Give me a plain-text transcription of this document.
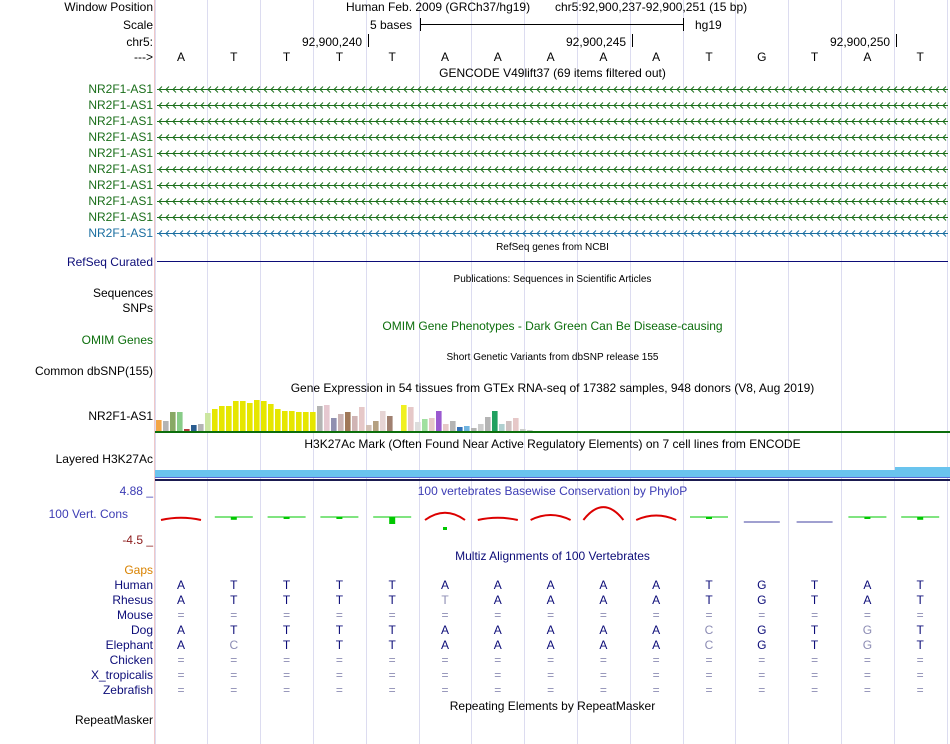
Window Position	Human Feb. 2009 (GRCh37/hg19) chr5:92,900,237-92,900,251 (15 bp)
Scale	5 bases	hg19
chr5:	92,900,240	92,900,245	92,900,250
--->	A	T	T	T	T	A	A	A	A	A	T	G	T	A	T
GENCODE V49lift37 (69 items filtered out)
NR2F1-AS1
NR2F1-AS1
NR2F1-AS1
NR2F1-AS1
NR2F1-AS1
NR2F1-AS1
NR2F1-AS1
NR2F1-AS1
NR2F1-AS1
NR2F1-AS1
RefSeq genes from NCBI
RefSeq Curated
Publications: Sequences in Scientific Articles
Sequences
SNPs
OMIM Gene Phenotypes - Dark Green Can Be Disease-causing
OMIM Genes
Short Genetic Variants from dbSNP release 155
Common dbSNP(155)
Gene Expression in 54 tissues from GTEx RNA-seq of 17382 samples, 948 donors (V8, Aug 2019)
NR2F1-AS1
H3K27Ac Mark (Often Found Near Active Regulatory Elements) on 7 cell lines from ENCODE
Layered H3K27Ac
100 vertebrates Basewise Conservation by PhyloP
4.88 _
100 Vert. Cons
-4.5 _
Multiz Alignments of 100 Vertebrates
Gaps
Human	A	T	T	T	T	A	A	A	A	A	T	G	T	A	T
Rhesus	A	T	T	T	T	T	A	A	A	A	T	G	T	A	T
Mouse	=	=	=	=	=	=	=	=	=	=	=	=	=	=	=
Dog	A	T	T	T	T	A	A	A	A	A	C	G	T	G	T
Elephant	A	C	T	T	T	A	A	A	A	A	C	G	T	G	T
Chicken	=	=	=	=	=	=	=	=	=	=	=	=	=	=	=
X_tropicalis	=	=	=	=	=	=	=	=	=	=	=	=	=	=	=
Zebrafish	=	=	=	=	=	=	=	=	=	=	=	=	=	=	=
Repeating Elements by RepeatMasker
RepeatMasker
